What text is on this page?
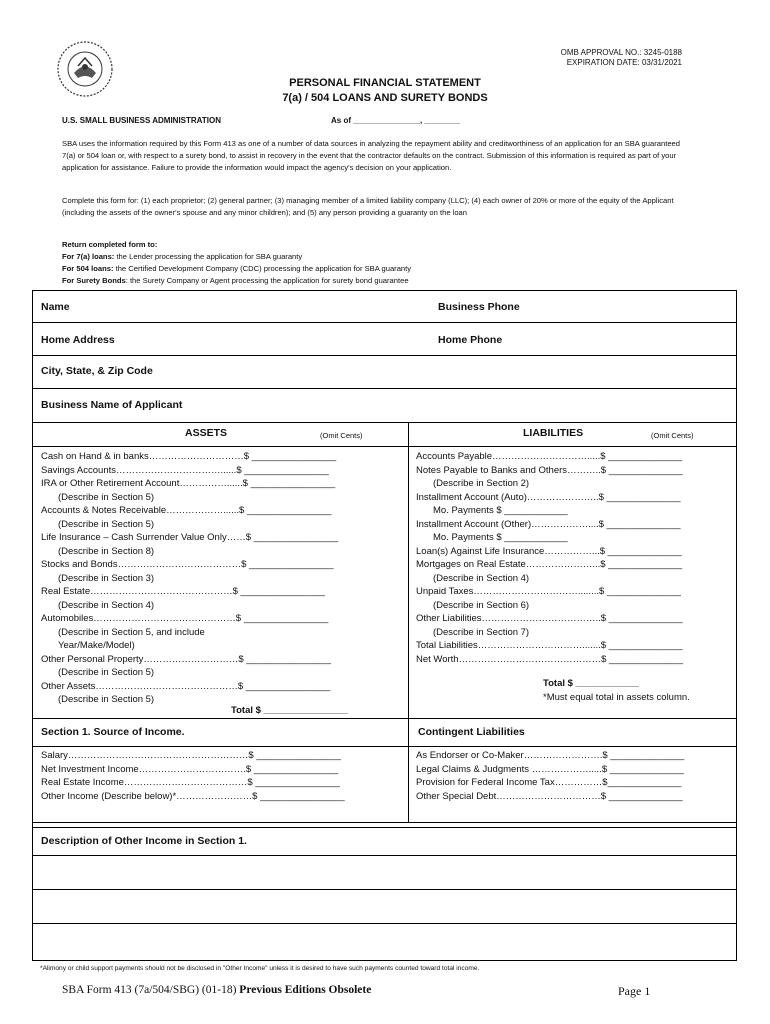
OMB APPROVAL NO.: 3245-0188
EXPIRATION DATE: 03/31/2021
PERSONAL FINANCIAL STATEMENT
7(a) / 504 LOANS AND SURETY BONDS
U.S. SMALL BUSINESS ADMINISTRATION	As of _______________, ________
SBA uses the information required by this Form 413 as one of a number of data sources in analyzing the repayment ability and creditworthiness of an application for an SBA guaranteed 7(a) or 504 loan or, with respect to a surety bond, to assist in recovery in the event that the contractor defaults on the contract. Submission of this information is required as part of your application for assistance. Failure to provide the information would impact the agency's decision on your application.
Complete this form for: (1) each proprietor; (2) general partner; (3) managing member of a limited liability company (LLC); (4) each owner of 20% or more of the equity of the Applicant (including the assets of the owner's spouse and any minor children); and (5) any person providing a guaranty on the loan
Return completed form to:
For 7(a) loans: the Lender processing the application for SBA guaranty
For 504 loans: the Certified Development Company (CDC) processing the application for SBA guaranty
For Surety Bonds: the Surety Company or Agent processing the application for surety bond guarantee
Name	Business Phone
Home Address	Home Phone
City, State, & Zip Code
Business Name of Applicant
ASSETS	(Omit Cents)	LIABILITIES	(Omit Cents)
Cash on Hand & in banks…………………………$ ________________
Savings Accounts……………………………......$ ________________
IRA or Other Retirement Account……………......$ ________________
(Describe in Section 5)
Accounts & Notes Receivable………………......$ ________________
(Describe in Section 5)
Life Insurance – Cash Surrender Value Only……$ ________________
(Describe in Section 8)
Stocks and Bonds…………………………………$ ________________
(Describe in Section 3)
Real Estate………………………………………$ ________________
(Describe in Section 4)
Automobiles………………………………………$ ________________
(Describe in Section 5, and include
Year/Make/Model)
Other Personal Property…………………………$ ________________
(Describe in Section 5)
Other Assets………………………………………$ ________________
(Describe in Section 5)
Total $ ________________
Accounts Payable………………………….....$ ______________
Notes Payable to Banks and Others………..$ ______________
(Describe in Section 2)
Installment Account (Auto)…………………..$ ______________
Mo. Payments $ ____________
Installment Account (Other)………………....$ ______________
Mo. Payments $ ____________
Loan(s) Against Life Insurance……………...$ ______________
Mortgages on Real Estate…………………...$ ______________
(Describe in Section 4)
Unpaid Taxes……………………………........$ ______________
(Describe in Section 6)
Other Liabilities………………………………..$ ______________
(Describe in Section 7)
Total Liabilities…………………………….......$ ______________
Net Worth………………………………………$ ______________
Total $ ____________
*Must equal total in assets column.
Section 1. Source of Income.	Contingent Liabilities
Salary…………………………………………………$ ________________
Net Investment Income…………………………….$ ________________
Real Estate Income…………………………………$ ________________
Other Income (Describe below)*……………………$ ________________
As Endorser or Co-Maker…………………….$ ______________
Legal Claims & Judgments ……………….....$ ______________
Provision for Federal Income Tax……………$______________
Other Special Debt……………………………$ ______________
Description of Other Income in Section 1.
*Alimony or child support payments should not be disclosed in "Other Income" unless it is desired to have such payments counted toward total income.
SBA Form 413 (7a/504/SBG) (01-18) Previous Editions Obsolete	Page 1
